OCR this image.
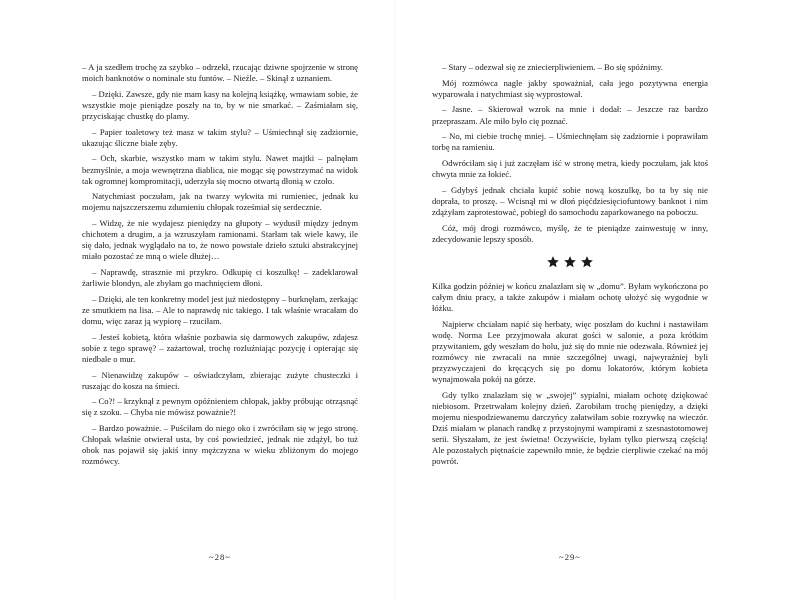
– A ja szedłem trochę za szybko – odrzekł, rzucając dziwne spojrzenie w stronę moich banknotów o nominale stu funtów. – Nieźle. – Skinął z uznaniem.

– Dzięki. Zawsze, gdy nie mam kasy na kolejną książkę, wmawiam sobie, że wszystkie moje pieniądze poszły na to, by w nie smarkać. – Zaśmiałam się, przyciskając chustkę do plamy.

– Papier toaletowy też masz w takim stylu? – Uśmiechnął się zadziornie, ukazując śliczne białe zęby.

– Och, skarbie, wszystko mam w takim stylu. Nawet majtki – palnęłam bezmyślnie, a moja wewnętrzna diablica, nie mogąc się powstrzymać na widok tak ogromnej kompromitacji, uderzyła się mocno otwartą dłonią w czoło.

Natychmiast poczułam, jak na twarzy wykwita mi rumieniec, jednak ku mojemu najszczerszemu zdumieniu chłopak roześmiał się serdecznie.

– Widzę, że nie wydajesz pieniędzy na głupoty – wydusił między jednym chichotem a drugim, a ja wzruszyłam ramionami. Starłam tak wiele kawy, ile się dało, jednak wyglądało na to, że nowo powstałe dzieło sztuki abstrakcyjnej miało pozostać ze mną o wiele dłużej…

– Naprawdę, strasznie mi przykro. Odkupię ci koszulkę! – zadeklarował żarliwie blondyn, ale zbyłam go machnięciem dłoni.

– Dzięki, ale ten konkretny model jest już niedostępny – burknęłam, zerkając ze smutkiem na lisa. – Ale to naprawdę nic takiego. I tak właśnie wracałam do domu, więc zaraz ją wypiorę – rzuciłam.

– Jesteś kobietą, która właśnie pozbawia się darmowych zakupów, zdajesz sobie z tego sprawę? – zażartował, trochę rozluźniając pozycję i opierając się niedbale o mur.

– Nienawidzę zakupów – oświadczyłam, zbierając zużyte chusteczki i ruszając do kosza na śmieci.

– Co?! – krzyknął z pewnym opóźnieniem chłopak, jakby próbując otrząsnąć się z szoku. – Chyba nie mówisz poważnie?!

– Bardzo poważnie. – Puściłam do niego oko i zwróciłam się w jego stronę. Chłopak właśnie otwierał usta, by coś powiedzieć, jednak nie zdążył, bo tuż obok nas pojawił się jakiś inny mężczyzna w wieku zbliżonym do mojego rozmówcy.

~28~

– Stary – odezwał się ze zniecierpliwieniem. – Bo się spóźnimy.

Mój rozmówca nagle jakby spoważniał, cała jego pozytywna energia wyparowała i natychmiast się wyprostował.

– Jasne. – Skierował wzrok na mnie i dodał: – Jeszcze raz bardzo przepraszam. Ale miło było cię poznać.

– No, mi ciebie trochę mniej. – Uśmiechnęłam się zadziornie i poprawiłam torbę na ramieniu.

Odwróciłam się i już zaczęłam iść w stronę metra, kiedy poczułam, jak ktoś chwyta mnie za łokieć.

– Gdybyś jednak chciała kupić sobie nową koszulkę, bo ta by się nie doprała, to proszę. – Wcisnął mi w dłoń pięćdziesięciofuntowy banknot i nim zdążyłam zaprotestować, pobiegł do samochodu zaparkowanego na poboczu.

Cóż, mój drogi rozmówco, myślę, że te pieniądze zainwestuję w inny, zdecydowanie lepszy sposób.

Kilka godzin później w końcu znalazłam się w „domu”. Byłam wykończona po całym dniu pracy, a także zakupów i miałam ochotę ułożyć się wygodnie w łóżku.

Najpierw chciałam napić się herbaty, więc poszłam do kuchni i nastawiłam wodę. Norma Lee przyjmowała akurat gości w salonie, a poza krótkim przywitaniem, gdy weszłam do holu, już się do mnie nie odezwała. Również jej rozmówcy nie zwracali na mnie szczególnej uwagi, najwyraźniej byli przyzwyczajeni do kręcących się po domu lokatorów, którym kobieta wynajmowała pokój na górze.

Gdy tylko znalazłam się w „swojej” sypialni, miałam ochotę dziękować niebiosom. Przetrwałam kolejny dzień. Zarobiłam trochę pieniędzy, a dzięki mojemu niespodziewanemu darczyńcy załatwiłam sobie rozrywkę na wieczór. Dziś miałam w planach randkę z przystojnymi wampirami z szesnastotomowej serii. Słyszałam, że jest świetna! Oczywiście, byłam tylko pierwszą częścią! Ale pozostałych piętnaście zapewniło mnie, że będzie cierpliwie czekać na mój powrót.

~29~
